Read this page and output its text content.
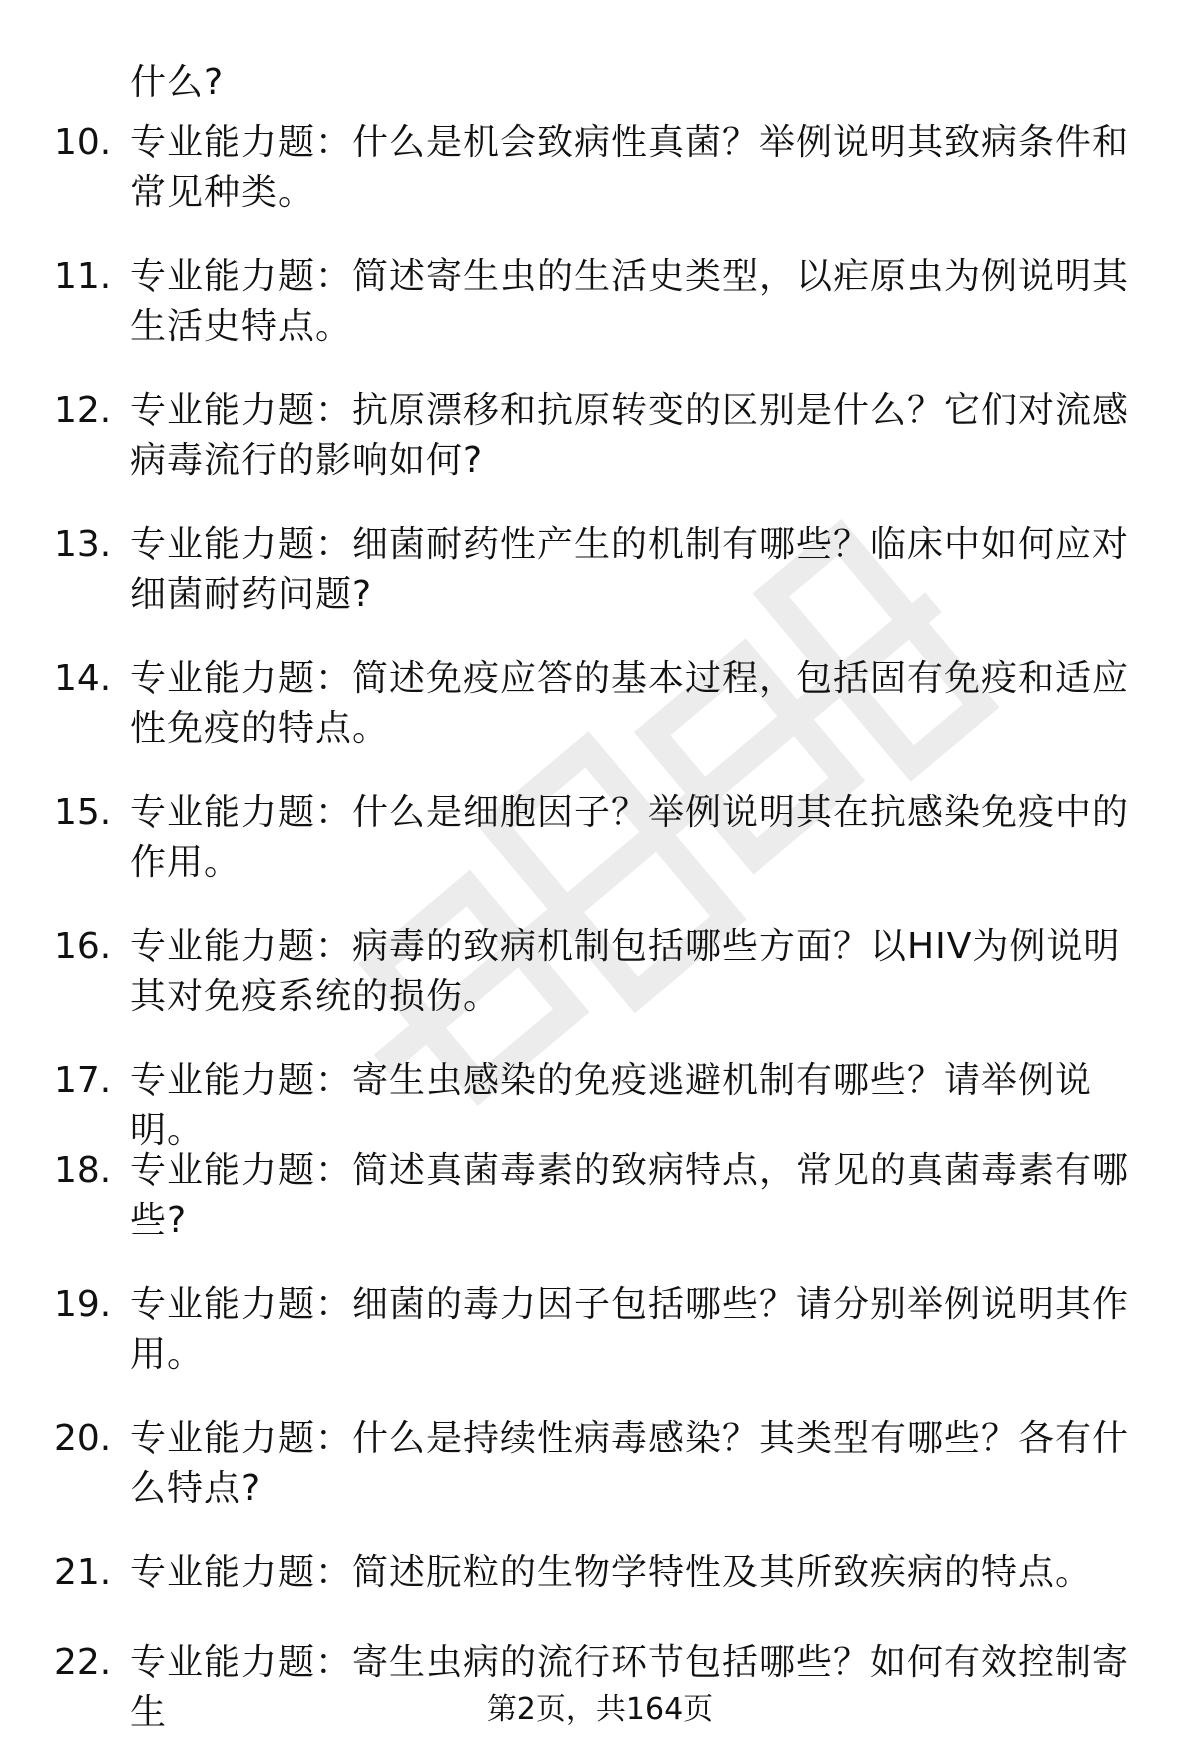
什么?
10. 专业能力题：什么是机会致病性真菌？举例说明其致病条件和常见种类。
11. 专业能力题：简述寄生虫的生活史类型，以疟原虫为例说明其生活史特点。
12. 专业能力题：抗原漂移和抗原转变的区别是什么？它们对流感病毒流行的影响如何?
13. 专业能力题：细菌耐药性产生的机制有哪些？临床中如何应对细菌耐药问题?
14. 专业能力题：简述免疫应答的基本过程，包括固有免疫和适应性免疫的特点。
15. 专业能力题：什么是细胞因子？举例说明其在抗感染免疫中的作用。
16. 专业能力题：病毒的致病机制包括哪些方面？以HIV为例说明其对免疫系统的损伤。
17. 专业能力题：寄生虫感染的免疫逃避机制有哪些？请举例说明。
18. 专业能力题：简述真菌毒素的致病特点，常见的真菌毒素有哪些?
19. 专业能力题：细菌的毒力因子包括哪些？请分别举例说明其作用。
20. 专业能力题：什么是持续性病毒感染？其类型有哪些？各有什么特点?
21. 专业能力题：简述朊粒的生物学特性及其所致疾病的特点。
22. 专业能力题：寄生虫病的流行环节包括哪些？如何有效控制寄生	第2页，共164页
